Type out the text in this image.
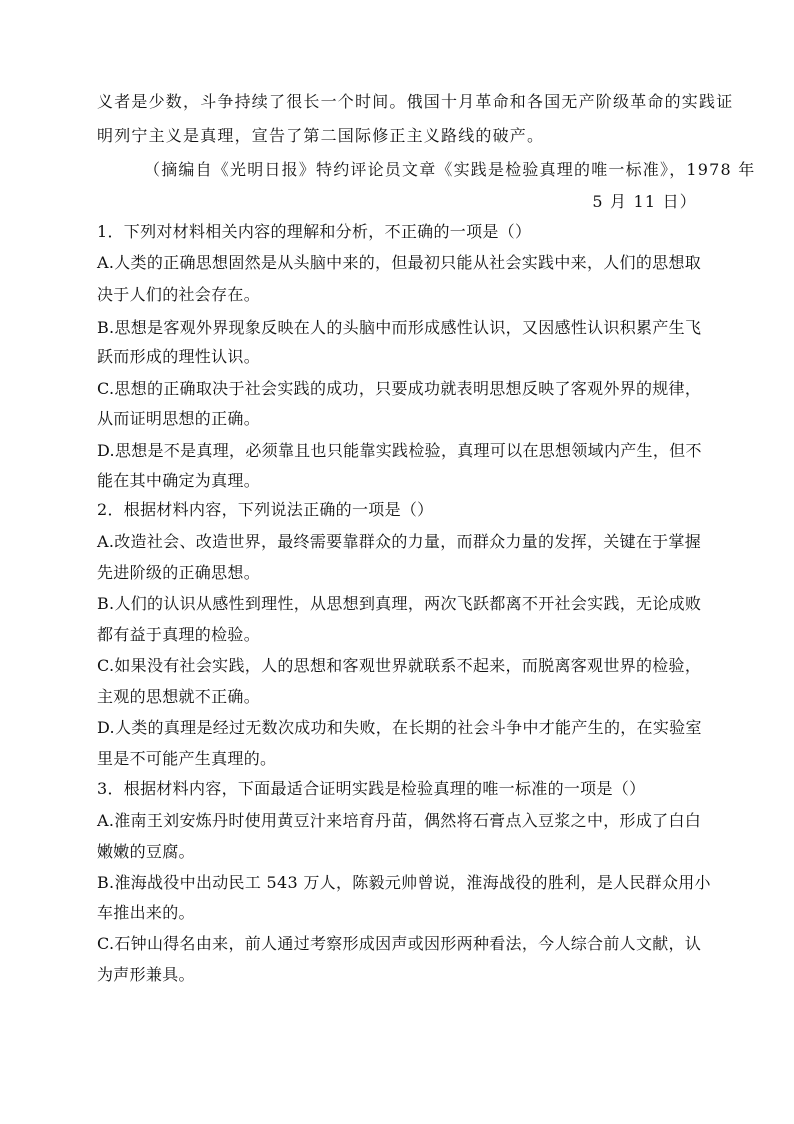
义者是少数，斗争持续了很长一个时间。俄国十月革命和各国无产阶级革命的实践证
明列宁主义是真理，宣告了第二国际修正主义路线的破产。
（摘编自《光明日报》特约评论员文章《实践是检验真理的唯一标准》，1978 年
5 月 11 日）
1．下列对材料相关内容的理解和分析，不正确的一项是（）
A.人类的正确思想固然是从头脑中来的，但最初只能从社会实践中来，人们的思想取
决于人们的社会存在。
B.思想是客观外界现象反映在人的头脑中而形成感性认识，又因感性认识积累产生飞
跃而形成的理性认识。
C.思想的正确取决于社会实践的成功，只要成功就表明思想反映了客观外界的规律，
从而证明思想的正确。
D.思想是不是真理，必须靠且也只能靠实践检验，真理可以在思想领域内产生，但不
能在其中确定为真理。
2．根据材料内容，下列说法正确的一项是（）
A.改造社会、改造世界，最终需要靠群众的力量，而群众力量的发挥，关键在于掌握
先进阶级的正确思想。
B.人们的认识从感性到理性，从思想到真理，两次飞跃都离不开社会实践，无论成败
都有益于真理的检验。
C.如果没有社会实践，人的思想和客观世界就联系不起来，而脱离客观世界的检验，
主观的思想就不正确。
D.人类的真理是经过无数次成功和失败，在长期的社会斗争中才能产生的，在实验室
里是不可能产生真理的。
3．根据材料内容，下面最适合证明实践是检验真理的唯一标准的一项是（）
A.淮南王刘安炼丹时使用黄豆汁来培育丹苗，偶然将石膏点入豆浆之中，形成了白白
嫩嫩的豆腐。
B.淮海战役中出动民工 543 万人，陈毅元帅曾说，淮海战役的胜利，是人民群众用小
车推出来的。
C.石钟山得名由来，前人通过考察形成因声或因形两种看法，今人综合前人文献，认
为声形兼具。
